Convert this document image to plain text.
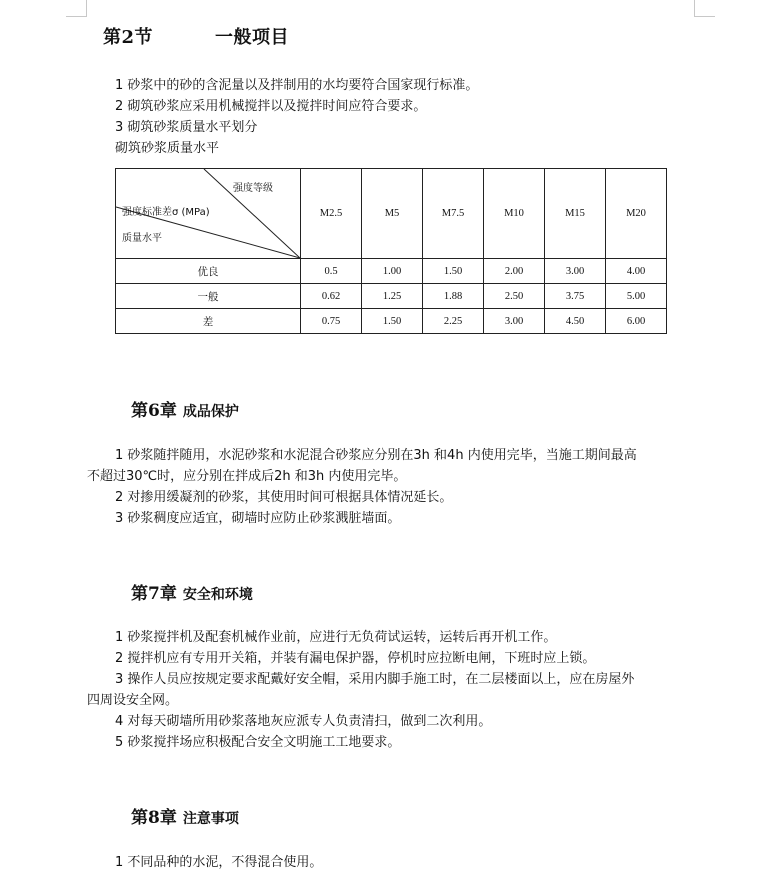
第2节	一般项目
1 砂浆中的砂的含泥量以及拌制用的水均要符合国家现行标准。
2 砌筑砂浆应采用机械搅拌以及搅拌时间应符合要求。
3 砌筑砂浆质量水平划分
砌筑砂浆质量水平
强度等级
强度标准差σ (MPa)
质量水平	M2.5	M5	M7.5	M10	M15	M20
优良	0.5	1.00	1.50	2.00	3.00	4.00
一般	0.62	1.25	1.88	2.50	3.75	5.00
差	0.75	1.50	2.25	3.00	4.50	6.00
第6章 成品保护
1 砂浆随拌随用，水泥砂浆和水泥混合砂浆应分别在3h 和4h 内使用完毕，当施工期间最高
不超过30℃时，应分别在拌成后2h 和3h 内使用完毕。
2 对掺用缓凝剂的砂浆，其使用时间可根据具体情况延长。
3 砂浆稠度应适宜，砌墙时应防止砂浆溅脏墙面。
第7章 安全和环境
1 砂浆搅拌机及配套机械作业前，应进行无负荷试运转，运转后再开机工作。
2 搅拌机应有专用开关箱，并装有漏电保护器，停机时应拉断电闸，下班时应上锁。
3 操作人员应按规定要求配戴好安全帽，采用内脚手施工时，在二层楼面以上，应在房屋外
四周设安全网。
4 对每天砌墙所用砂浆落地灰应派专人负责清扫，做到二次利用。
5 砂浆搅拌场应积极配合安全文明施工工地要求。
第8章 注意事项
1 不同品种的水泥，不得混合使用。
